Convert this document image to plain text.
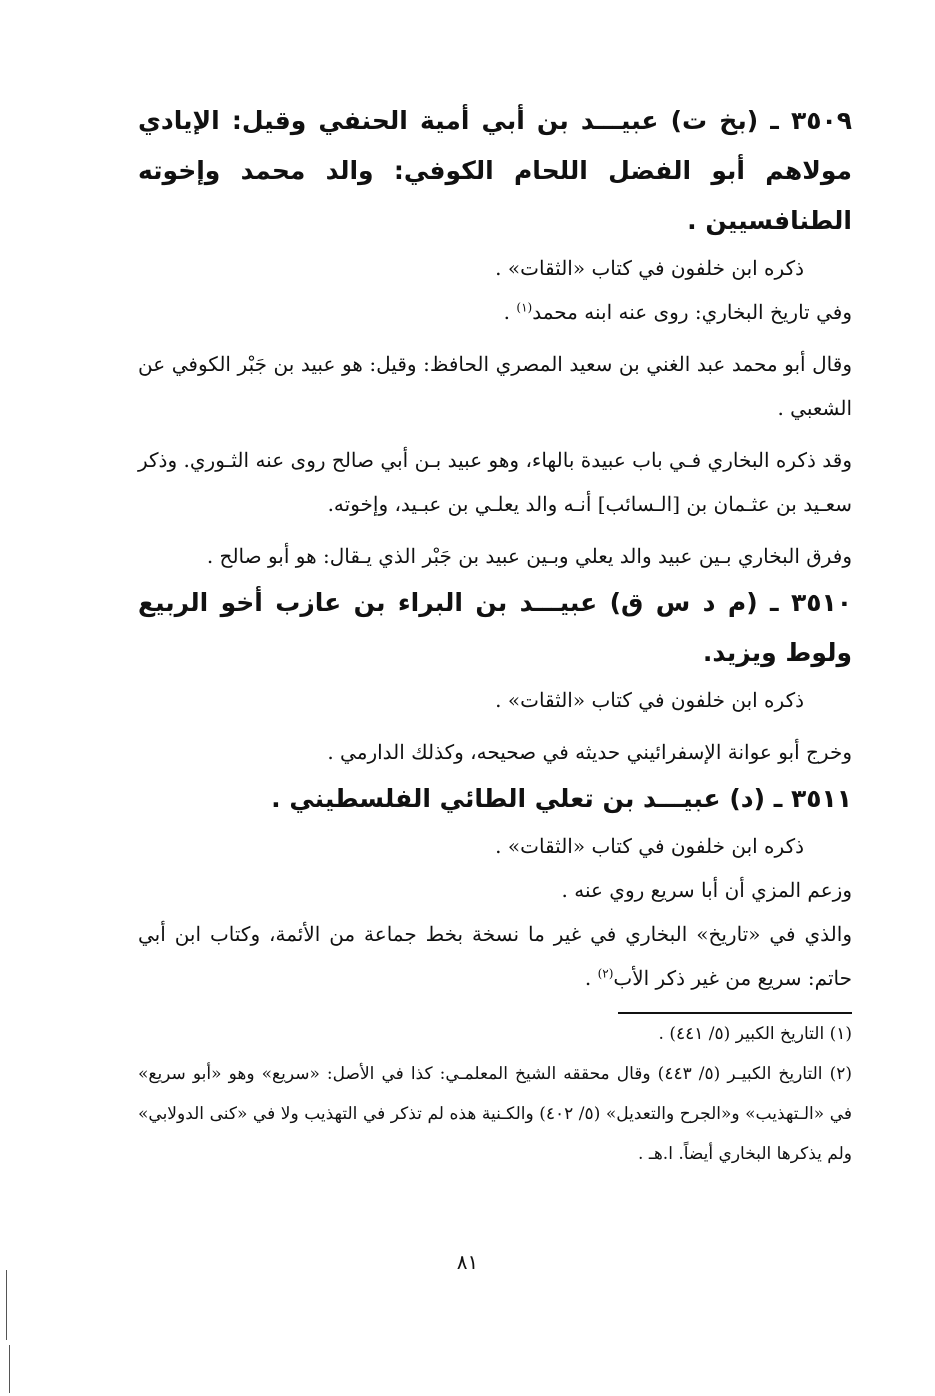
٣٥٠٩ ـ (بخ ت) عبيـــد بن أبي أمية الحنفي وقيل: الإيادي مولاهم أبو الفضل اللحام الكوفي: والد محمد وإخوته الطنافسيين .
ذكره ابن خلفون في كتاب «الثقات» .
وفي تاريخ البخاري: روى عنه ابنه محمد$^{(١)}$ .
وقال أبو محمد عبد الغني بن سعيد المصري الحافظ: وقيل: هو عبيد بن جَبْر الكوفي عن الشعبي .
وقد ذكره البخاري فـي باب عبيدة بالهاء، وهو عبيد بـن أبي صالح روى عنه الثـوري. وذكر سعـيد بن عثـمان بن [الـسائب] أنـه والد يعلـي بن عبـيد، وإخوته.
وفرق البخاري بـين عبيد والد يعلي وبـين عبيد بن جَبْر الذي يـقال: هو أبو صالح .
٣٥١٠ ـ (م د س ق) عبيـــد بن البراء بن عازب أخو الربيع ولوط ويزيد.
ذكره ابن خلفون في كتاب «الثقات» .
وخرج أبو عوانة الإسفرائيني حديثه في صحيحه، وكذلك الدارمي .
٣٥١١ ـ (د) عبيـــد بن تعلي الطائي الفلسطيني .
ذكره ابن خلفون في كتاب «الثقات» .
وزعم المزي أن أبا سريع روي عنه .
والذي في «تاريخ» البخاري في غير ما نسخة بخط جماعة من الأئمة، وكتاب ابن أبي حاتم: سريع من غير ذكر الأب$^{(٢)}$ .
(١) التاريخ الكبير (٥/ ٤٤١) .
(٢) التاريخ الكبيـر (٥/ ٤٤٣) وقال محققه الشيخ المعلمـي: كذا في الأصل: «سريع» وهو «أبو سريع» في «الـتهذيب» و«الجرح والتعديل» (٥/ ٤٠٢) والكـنية هذه لم تذكر في التهذيب ولا في «كنى الدولابي» ولم يذكرها البخاري أيضاً. ا.هـ .
٨١
